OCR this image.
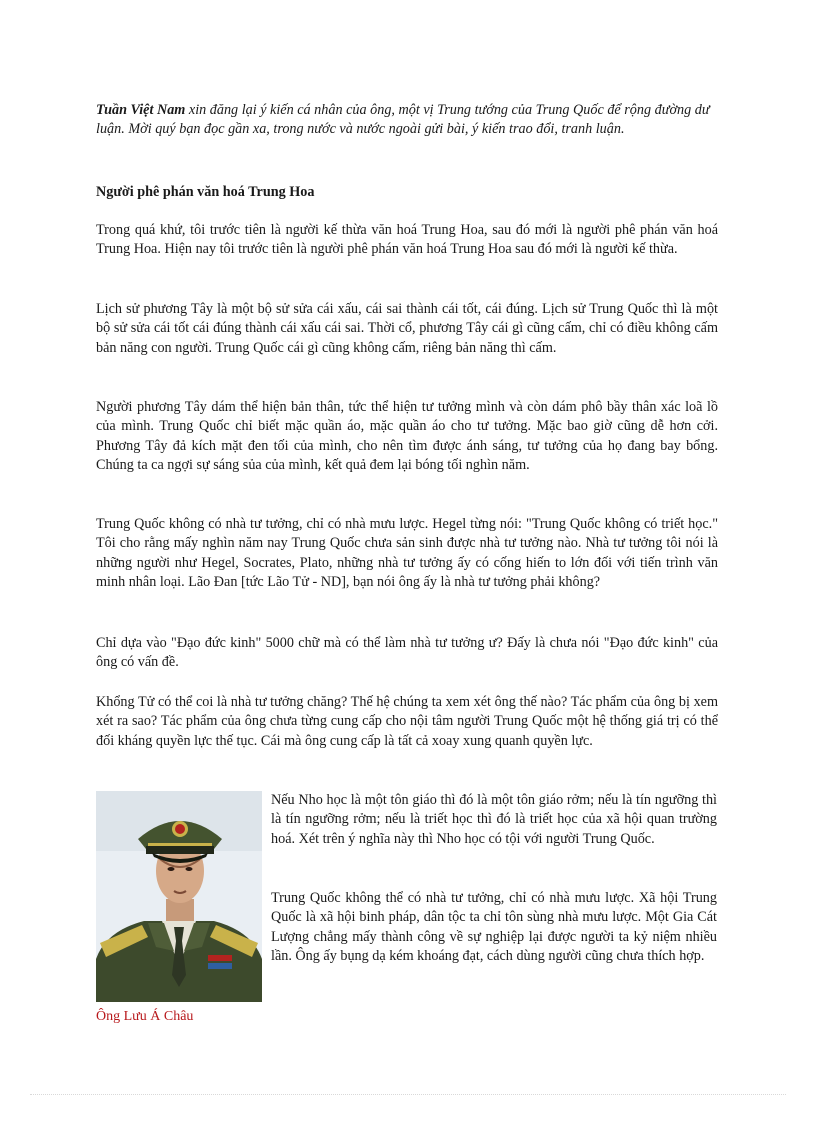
Tuần Việt Nam xin đăng lại ý kiến cá nhân của ông, một vị Trung tướng của Trung Quốc để rộng đường dư luận. Mời quý bạn đọc gần xa, trong nước và nước ngoài gửi bài, ý kiến trao đổi, tranh luận.
Người phê phán văn hoá Trung Hoa

Trong quá khứ, tôi trước tiên là người kế thừa văn hoá Trung Hoa, sau đó mới là người phê phán văn hoá Trung Hoa. Hiện nay tôi trước tiên là người phê phán văn hoá Trung Hoa sau đó mới là người kế thừa.

Lịch sử phương Tây là một bộ sử sửa cái xấu, cái sai thành cái tốt, cái đúng. Lịch sử Trung Quốc thì là một bộ sử sửa cái tốt cái đúng thành cái xấu cái sai. Thời cổ, phương Tây cái gì cũng cấm, chỉ có điều không cấm bản năng con người. Trung Quốc cái gì cũng không cấm, riêng bản năng thì cấm.

Người phương Tây dám thể hiện bản thân, tức thể hiện tư tưởng mình và còn dám phô bầy thân xác loã lồ của mình. Trung Quốc chỉ biết mặc quần áo, mặc quần áo cho tư tưởng. Mặc bao giờ cũng dễ hơn cởi. Phương Tây đả kích mặt đen tối của mình, cho nên tìm được ánh sáng, tư tưởng của họ đang bay bổng. Chúng ta ca ngợi sự sáng sủa của mình, kết quả đem lại bóng tối nghìn năm.

Trung Quốc không có nhà tư tưởng, chỉ có nhà mưu lược. Hegel từng nói: "Trung Quốc không có triết học." Tôi cho rằng mấy nghìn năm nay Trung Quốc chưa sản sinh được nhà tư tưởng nào. Nhà tư tưởng tôi nói là những người như Hegel, Socrates, Plato, những nhà tư tưởng ấy có cống hiến to lớn đối với tiến trình văn minh nhân loại. Lão Đan [tức Lão Tử - ND], bạn nói ông ấy là nhà tư tưởng phải không?

Chỉ dựa vào "Đạo đức kinh" 5000 chữ mà có thể làm nhà tư tưởng ư? Đấy là chưa nói "Đạo đức kinh" của ông có vấn đề.

Khổng Tử có thể coi là nhà tư tưởng chăng? Thế hệ chúng ta xem xét ông thế nào? Tác phẩm của ông bị xem xét ra sao? Tác phẩm của ông chưa từng cung cấp cho nội tâm người Trung Quốc một hệ thống giá trị có thể đối kháng quyền lực thế tục. Cái mà ông cung cấp là tất cả xoay xung quanh quyền lực.

Ông Lưu Á Châu

Nếu Nho học là một tôn giáo thì đó là một tôn giáo rởm; nếu là tín ngưỡng thì là tín ngưỡng rởm; nếu là triết học thì đó là triết học của xã hội quan trường hoá. Xét trên ý nghĩa này thì Nho học có tội với người Trung Quốc.

Trung Quốc không thể có nhà tư tưởng, chỉ có nhà mưu lược. Xã hội Trung Quốc là xã hội binh pháp, dân tộc ta chỉ tôn sùng nhà mưu lược. Một Gia Cát Lượng chẳng mấy thành công về sự nghiệp lại được người ta kỷ niệm nhiều lần. Ông ấy bụng dạ kém khoáng đạt, cách dùng người cũng chưa thích hợp.
